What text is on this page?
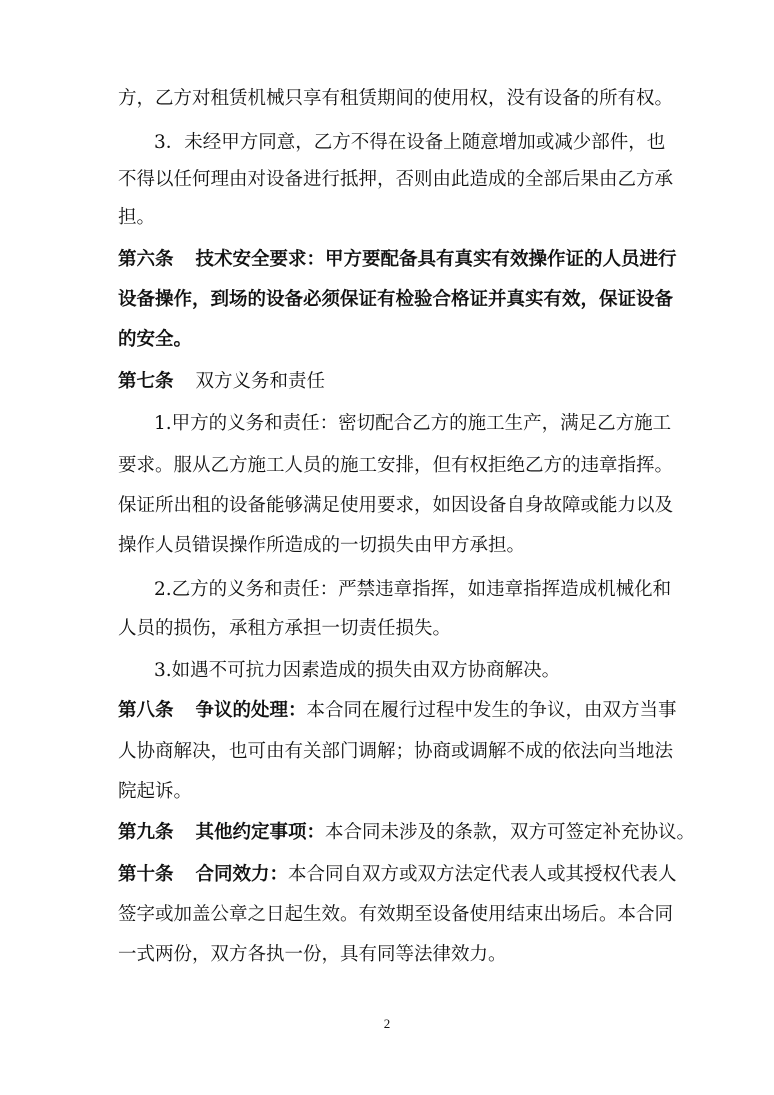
方，乙方对租赁机械只享有租赁期间的使用权，没有设备的所有权。
3．未经甲方同意，乙方不得在设备上随意增加或减少部件，也
不得以任何理由对设备进行抵押，否则由此造成的全部后果由乙方承
担。
第六条 技术安全要求：甲方要配备具有真实有效操作证的人员进行
设备操作，到场的设备必须保证有检验合格证并真实有效，保证设备
的安全。
第七条 双方义务和责任
1.甲方的义务和责任：密切配合乙方的施工生产，满足乙方施工
要求。服从乙方施工人员的施工安排，但有权拒绝乙方的违章指挥。
保证所出租的设备能够满足使用要求，如因设备自身故障或能力以及
操作人员错误操作所造成的一切损失由甲方承担。
2.乙方的义务和责任：严禁违章指挥，如违章指挥造成机械化和
人员的损伤，承租方承担一切责任损失。
3.如遇不可抗力因素造成的损失由双方协商解决。
第八条 争议的处理：本合同在履行过程中发生的争议，由双方当事
人协商解决，也可由有关部门调解；协商或调解不成的依法向当地法
院起诉。
第九条 其他约定事项：本合同未涉及的条款，双方可签定补充协议。
第十条 合同效力：本合同自双方或双方法定代表人或其授权代表人
签字或加盖公章之日起生效。有效期至设备使用结束出场后。本合同
一式两份，双方各执一份，具有同等法律效力。
2
